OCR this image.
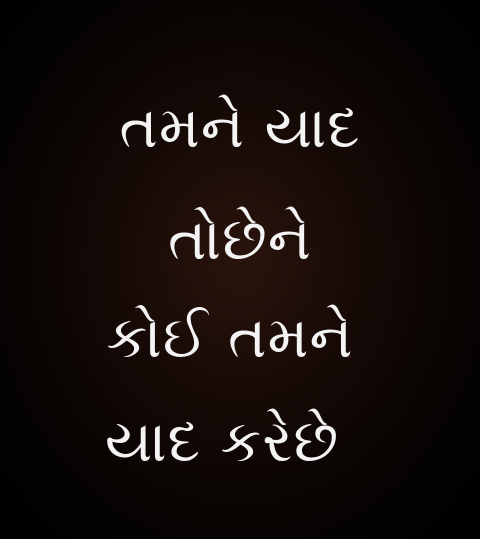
તમને યાદ
તોછેને
કોઈ તમને
યાદ કરેછે
